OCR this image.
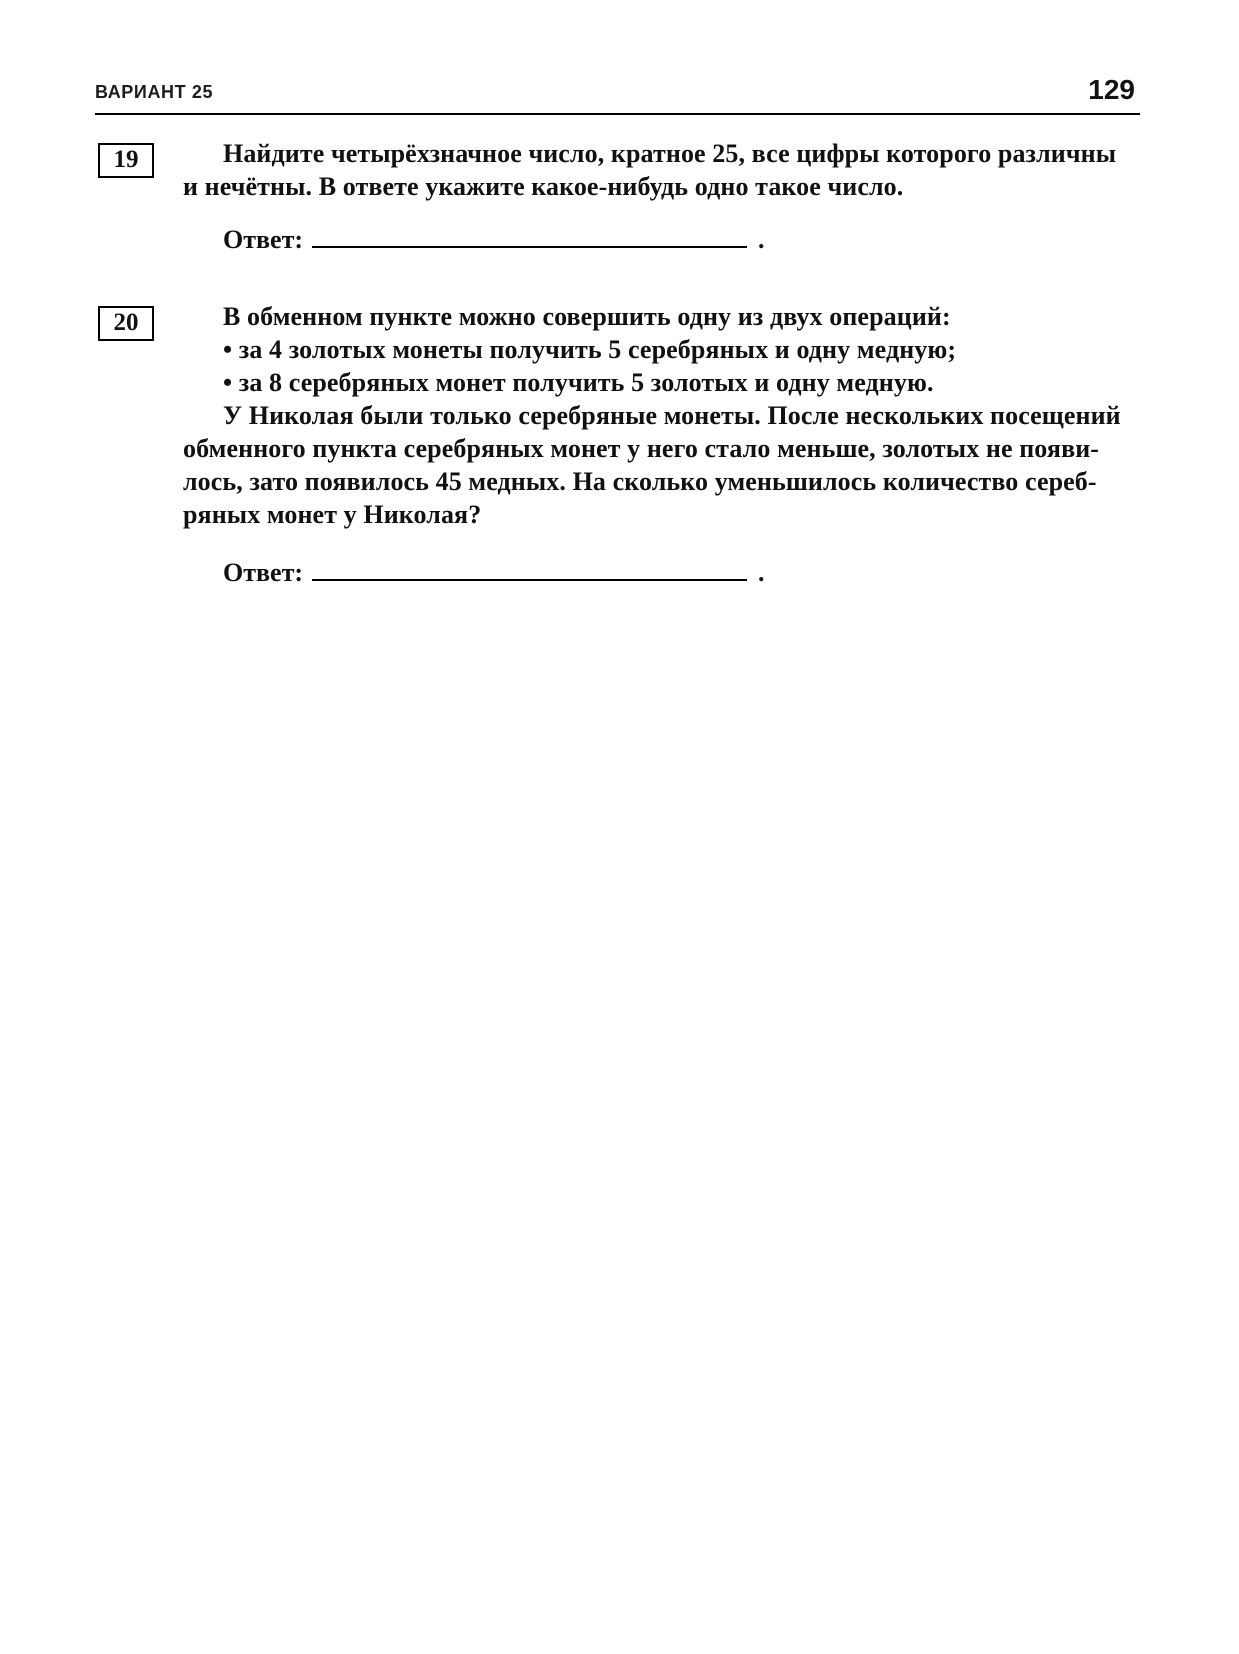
ВАРИАНТ 25	129
19	Найдите четырёхзначное число, кратное 25, все цифры которого различны
и нечётны. В ответе укажите какое-нибудь одно такое число.
Ответ:	.
20	В обменном пункте можно совершить одну из двух операций:
• за 4 золотых монеты получить 5 серебряных и одну медную;
• за 8 серебряных монет получить 5 золотых и одну медную.
У Николая были только серебряные монеты. После нескольких посещений
обменного пункта серебряных монет у него стало меньше, золотых не появи-
лось, зато появилось 45 медных. На сколько уменьшилось количество сереб-
ряных монет у Николая?
Ответ:	.
